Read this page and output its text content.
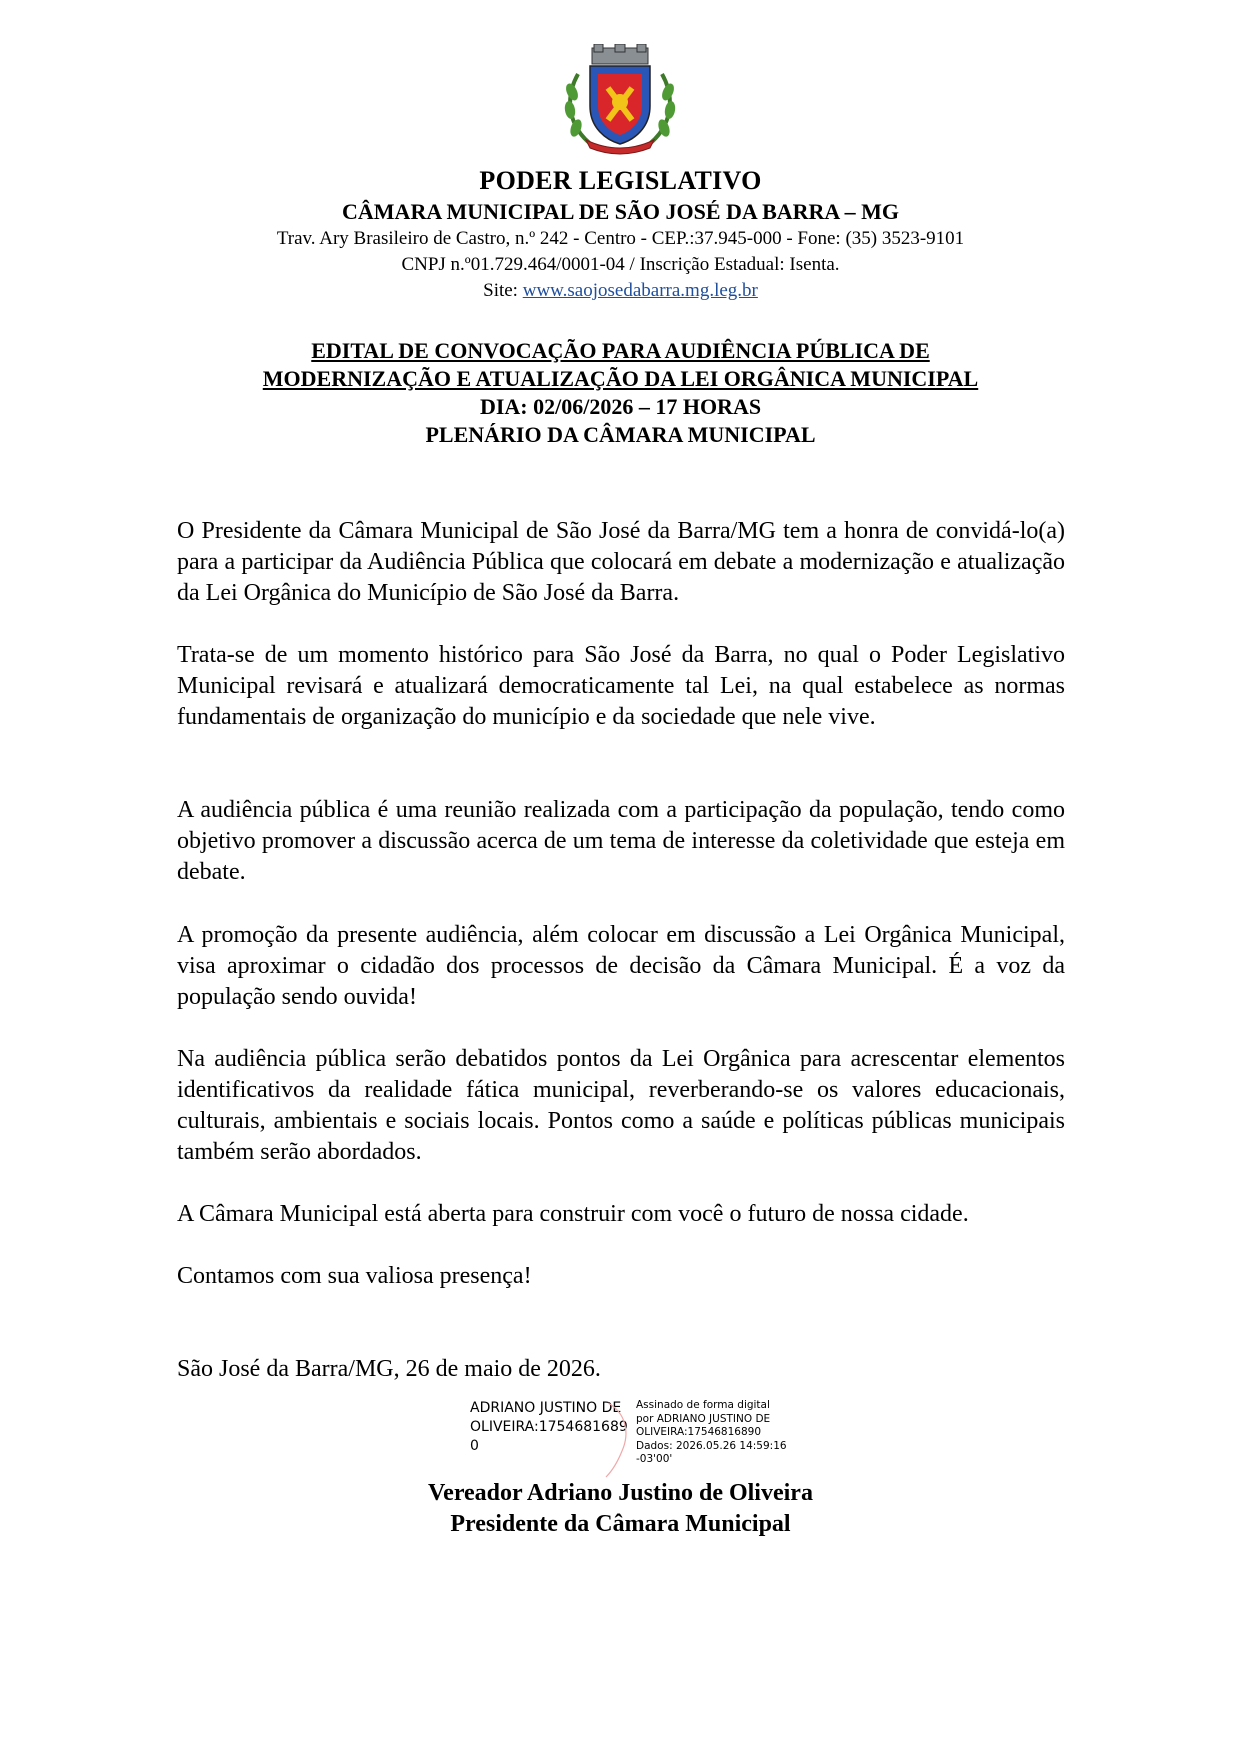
PODER LEGISLATIVO
CÂMARA MUNICIPAL DE SÃO JOSÉ DA BARRA – MG
Trav. Ary Brasileiro de Castro, n.º 242 - Centro - CEP.:37.945-000 - Fone: (35) 3523-9101
CNPJ n.º01.729.464/0001-04 / Inscrição Estadual: Isenta.
Site: www.saojosedabarra.mg.leg.br
EDITAL DE CONVOCAÇÃO PARA AUDIÊNCIA PÚBLICA DE
MODERNIZAÇÃO E ATUALIZAÇÃO DA LEI ORGÂNICA MUNICIPAL
DIA: 02/06/2026 – 17 HORAS
PLENÁRIO DA CÂMARA MUNICIPAL

O Presidente da Câmara Municipal de São José da Barra/MG tem a honra de convidá-lo(a) para a participar da Audiência Pública que colocará em debate a modernização e atualização da Lei Orgânica do Município de São José da Barra.

Trata-se de um momento histórico para São José da Barra, no qual o Poder Legislativo Municipal revisará e atualizará democraticamente tal Lei, na qual estabelece as normas fundamentais de organização do município e da sociedade que nele vive.

A audiência pública é uma reunião realizada com a participação da população, tendo como objetivo promover a discussão acerca de um tema de interesse da coletividade que esteja em debate.

A promoção da presente audiência, além colocar em discussão a Lei Orgânica Municipal, visa aproximar o cidadão dos processos de decisão da Câmara Municipal. É a voz da população sendo ouvida!

Na audiência pública serão debatidos pontos da Lei Orgânica para acrescentar elementos identificativos da realidade fática municipal, reverberando-se os valores educacionais, culturais, ambientais e sociais locais. Pontos como a saúde e políticas públicas municipais também serão abordados.

A Câmara Municipal está aberta para construir com você o futuro de nossa cidade.

Contamos com sua valiosa presença!

São José da Barra/MG, 26 de maio de 2026.

ADRIANO JUSTINO DE OLIVEIRA:17546816890
Assinado de forma digital
por ADRIANO JUSTINO DE
OLIVEIRA:17546816890
Dados: 2026.05.26 14:59:16
-03'00'
Vereador Adriano Justino de Oliveira
Presidente da Câmara Municipal
